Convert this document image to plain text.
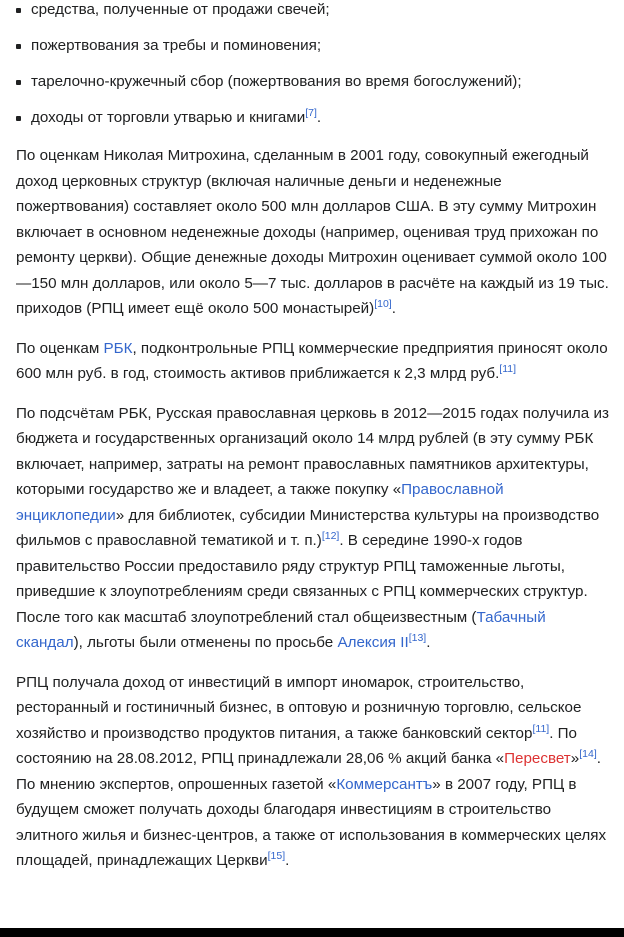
средства, полученные от продажи свечей;
пожертвования за требы и поминовения;
тарелочно-кружечный сбор (пожертвования во время богослужений);
доходы от торговли утварью и книгами[7].

По оценкам Николая Митрохина, сделанным в 2001 году, совокупный ежегодный доход церковных структур (включая наличные деньги и неденежные пожертвования) составляет около 500 млн долларов США. В эту сумму Митрохин включает в основном неденежные доходы (например, оценивая труд прихожан по ремонту церкви). Общие денежные доходы Митрохин оценивает суммой около 100—150 млн долларов, или около 5—7 тыс. долларов в расчёте на каждый из 19 тыс. приходов (РПЦ имеет ещё около 500 монастырей)[10].

По оценкам РБК, подконтрольные РПЦ коммерческие предприятия приносят около 600 млн руб. в год, стоимость активов приближается к 2,3 млрд руб.[11]

По подсчётам РБК, Русская православная церковь в 2012—2015 годах получила из бюджета и государственных организаций около 14 млрд рублей (в эту сумму РБК включает, например, затраты на ремонт православных памятников архитектуры, которыми государство же и владеет, а также покупку «Православной энциклопедии» для библиотек, субсидии Министерства культуры на производство фильмов с православной тематикой и т. п.)[12]. В середине 1990-х годов правительство России предоставило ряду структур РПЦ таможенные льготы, приведшие к злоупотреблениям среди связанных с РПЦ коммерческих структур. После того как масштаб злоупотреблений стал общеизвестным (Табачный скандал), льготы были отменены по просьбе Алексия II[13].

РПЦ получала доход от инвестиций в импорт иномарок, строительство, ресторанный и гостиничный бизнес, в оптовую и розничную торговлю, сельское хозяйство и производство продуктов питания, а также банковский сектор[11]. По состоянию на 28.08.2012, РПЦ принадлежали 28,06 % акций банка «Пересвет»[14]. По мнению экспертов, опрошенных газетой «Коммерсантъ» в 2007 году, РПЦ в будущем сможет получать доходы благодаря инвестициям в строительство элитного жилья и бизнес-центров, а также от использования в коммерческих целях площадей, принадлежащих Церкви[15].
